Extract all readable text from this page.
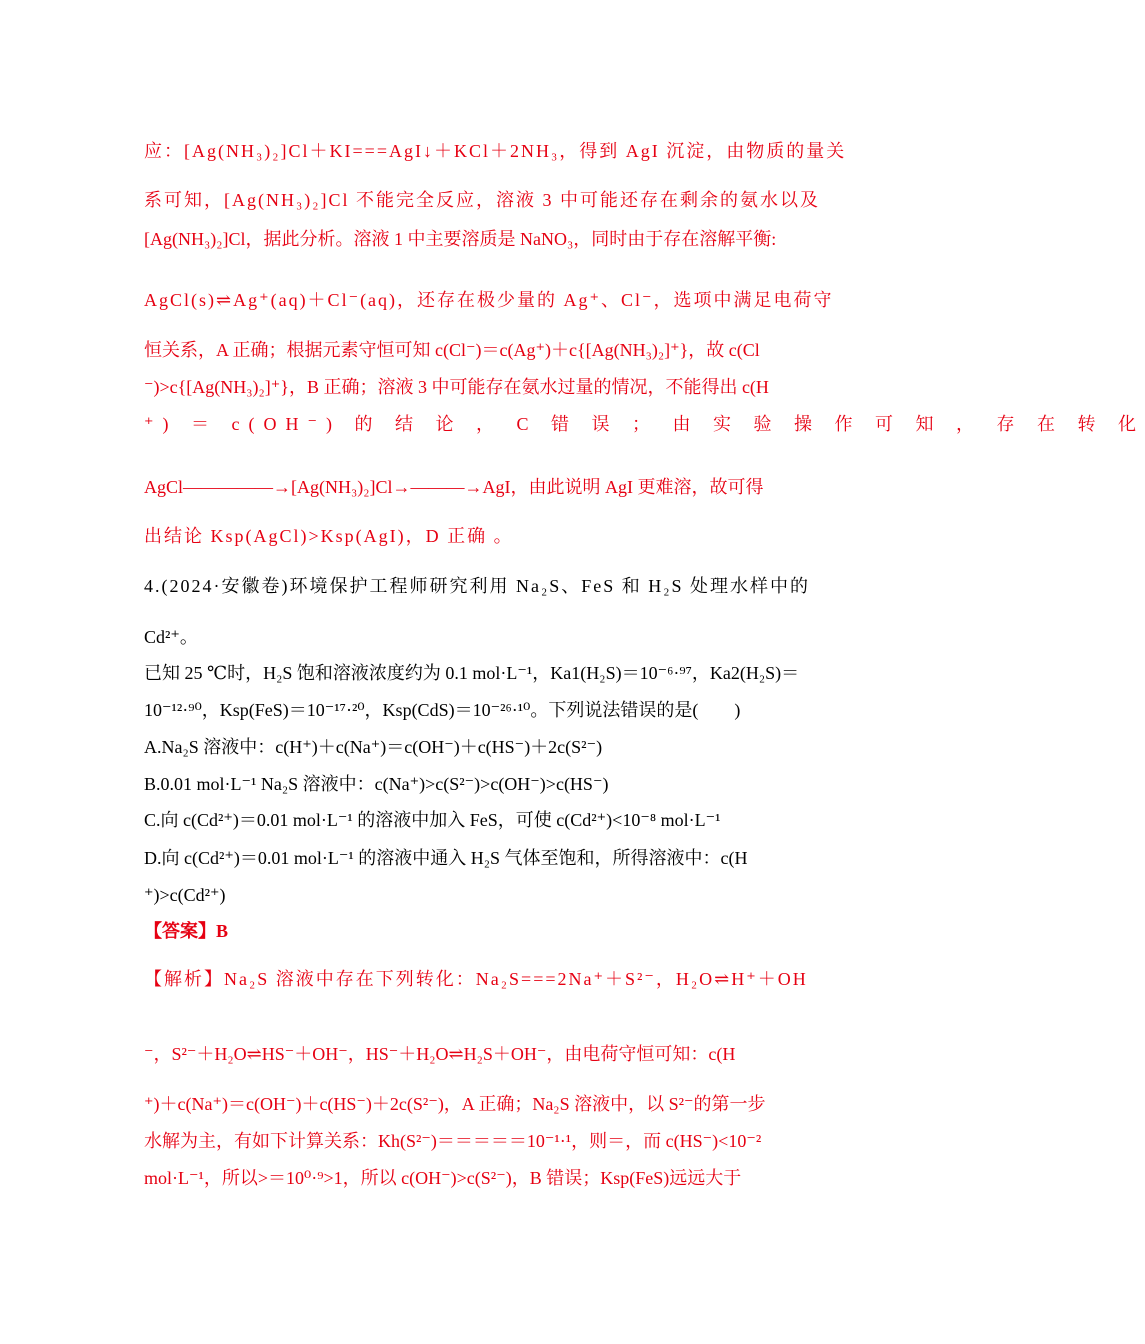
应：[Ag(NH₃)₂]Cl＋KI===AgI↓＋KCl＋2NH₃，得到 AgI 沉淀，由物质的量关
系可知，[Ag(NH₃)₂]Cl 不能完全反应，溶液 3 中可能还存在剩余的氨水以及
[Ag(NH₃)₂]Cl，据此分析。溶液 1 中主要溶质是 NaNO₃，同时由于存在溶解平衡:
AgCl(s)⇌Ag⁺(aq)＋Cl⁻(aq)，还存在极少量的 Ag⁺、Cl⁻，选项中满足电荷守
恒关系，A 正确；根据元素守恒可知 c(Cl⁻)＝c(Ag⁺)＋c{[Ag(NH₃)₂]⁺}，故 c(Cl
⁻)>c{[Ag(NH₃)₂]⁺}，B 正确；溶液 3 中可能存在氨水过量的情况，不能得出 c(H
⁺) ＝ c(OH⁻) 的 结 论 ， C 错 误 ； 由 实 验 操 作 可 知 ， 存 在 转 化
AgCl—————→[Ag(NH₃)₂]Cl→———→AgI，由此说明 AgI 更难溶，故可得
出结论 Ksp(AgCl)>Ksp(AgI)，D 正确 。
4.(2024·安徽卷)环境保护工程师研究利用 Na₂S、FeS 和 H₂S 处理水样中的
Cd²⁺。
已知 25 ℃时，H₂S 饱和溶液浓度约为 0.1 mol·L⁻¹，Ka1(H₂S)＝10⁻⁶·⁹⁷，Ka2(H₂S)＝
10⁻¹²·⁹⁰，Ksp(FeS)＝10⁻¹⁷·²⁰，Ksp(CdS)＝10⁻²⁶·¹⁰。下列说法错误的是(　　)
A.Na₂S 溶液中：c(H⁺)＋c(Na⁺)＝c(OH⁻)＋c(HS⁻)＋2c(S²⁻)
B.0.01 mol·L⁻¹ Na₂S 溶液中：c(Na⁺)>c(S²⁻)>c(OH⁻)>c(HS⁻)
C.向 c(Cd²⁺)＝0.01 mol·L⁻¹ 的溶液中加入 FeS，可使 c(Cd²⁺)<10⁻⁸ mol·L⁻¹
D.向 c(Cd²⁺)＝0.01 mol·L⁻¹ 的溶液中通入 H₂S 气体至饱和，所得溶液中：c(H
⁺)>c(Cd²⁺)
【答案】B
【解析】Na₂S 溶液中存在下列转化：Na₂S===2Na⁺＋S²⁻，H₂O⇌H⁺＋OH
⁻，S²⁻＋H₂O⇌HS⁻＋OH⁻，HS⁻＋H₂O⇌H₂S＋OH⁻，由电荷守恒可知：c(H
⁺)＋c(Na⁺)＝c(OH⁻)＋c(HS⁻)＋2c(S²⁻)，A 正确；Na₂S 溶液中，以 S²⁻的第一步
水解为主，有如下计算关系：Kh(S²⁻)＝＝＝＝＝10⁻¹·¹，则＝，而 c(HS⁻)<10⁻²
mol·L⁻¹，所以>＝10⁰·⁹>1，所以 c(OH⁻)>c(S²⁻)，B 错误；Ksp(FeS)远远大于
